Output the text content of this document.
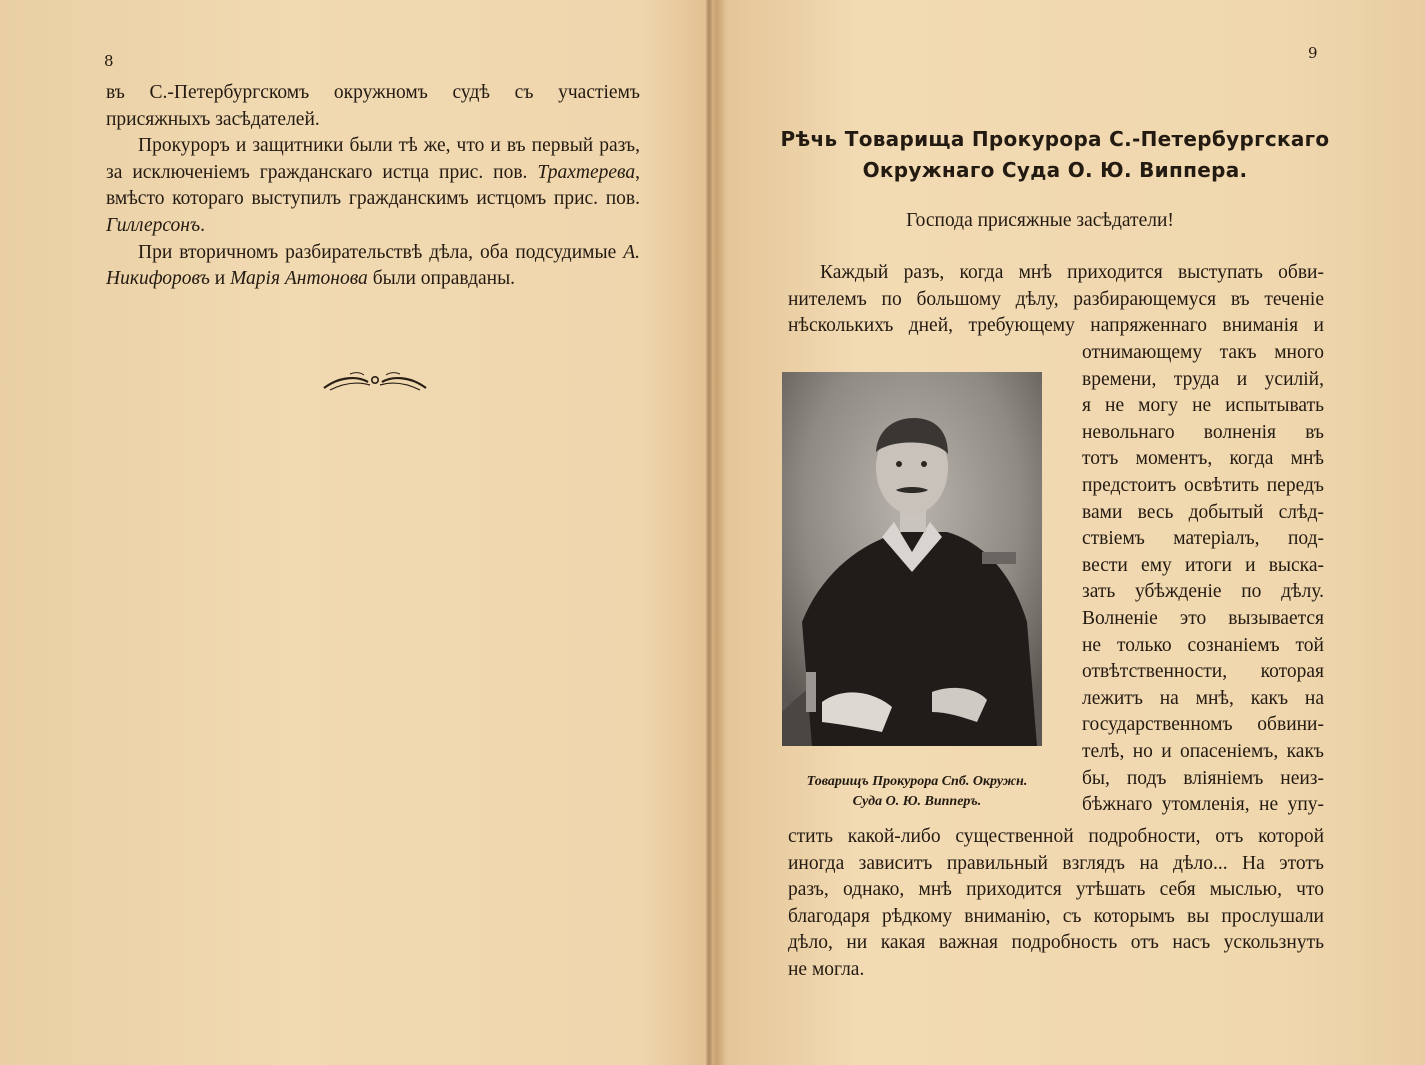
8

въ С.-Петербургскомъ окружномъ судѣ съ участіемъ
присяжныхъ засѣдателей.

Прокуроръ и защитники были тѣ же, что и въ первый разъ, за исключеніемъ гражданскаго истца прис. пов. Трахтерева, вмѣсто котораго выступилъ гражданскимъ истцомъ прис. пов. Гиллерсонъ.

При вторичномъ разбирательствѣ дѣла, оба подсудимые А. Никифоровъ и Марія Антонова были оправданы.

9
Рѣчь Товарища Прокурора С.-Петербургскаго
Окружнаго Суда О. Ю. Виппера.
Господа присяжные засѣдатели!
Каждый разъ, когда мнѣ приходится выступать обви-
нителемъ по большому дѣлу, разбирающемуся въ теченіе
нѣсколькихъ дней, требующему напряженнаго вниманія и
Товарищъ Прокурора Спб. Окружн.
Суда О. Ю. Випперъ.
отнимающему такъ много
времени, труда и усилій,
я не могу не испытывать
невольнаго волненія въ
тотъ моментъ, когда мнѣ
предстоитъ освѣтить передъ
вами весь добытый слѣд-
ствіемъ матеріалъ, под-
вести ему итоги и выска-
зать убѣжденіе по дѣлу.
Волненіе это вызывается
не только сознаніемъ той
отвѣтственности, которая
лежитъ на мнѣ, какъ на
государственномъ обвини-
телѣ, но и опасеніемъ, какъ
бы, подъ вліяніемъ неиз-
бѣжнаго утомленія, не упу-
стить какой-либо существенной подробности, отъ которой
иногда зависитъ правильный взглядъ на дѣло... На этотъ
разъ, однако, мнѣ приходится утѣшать себя мыслью, что
благодаря рѣдкому вниманію, съ которымъ вы прослушали
дѣло, ни какая важная подробность отъ насъ ускользнуть
не могла.
